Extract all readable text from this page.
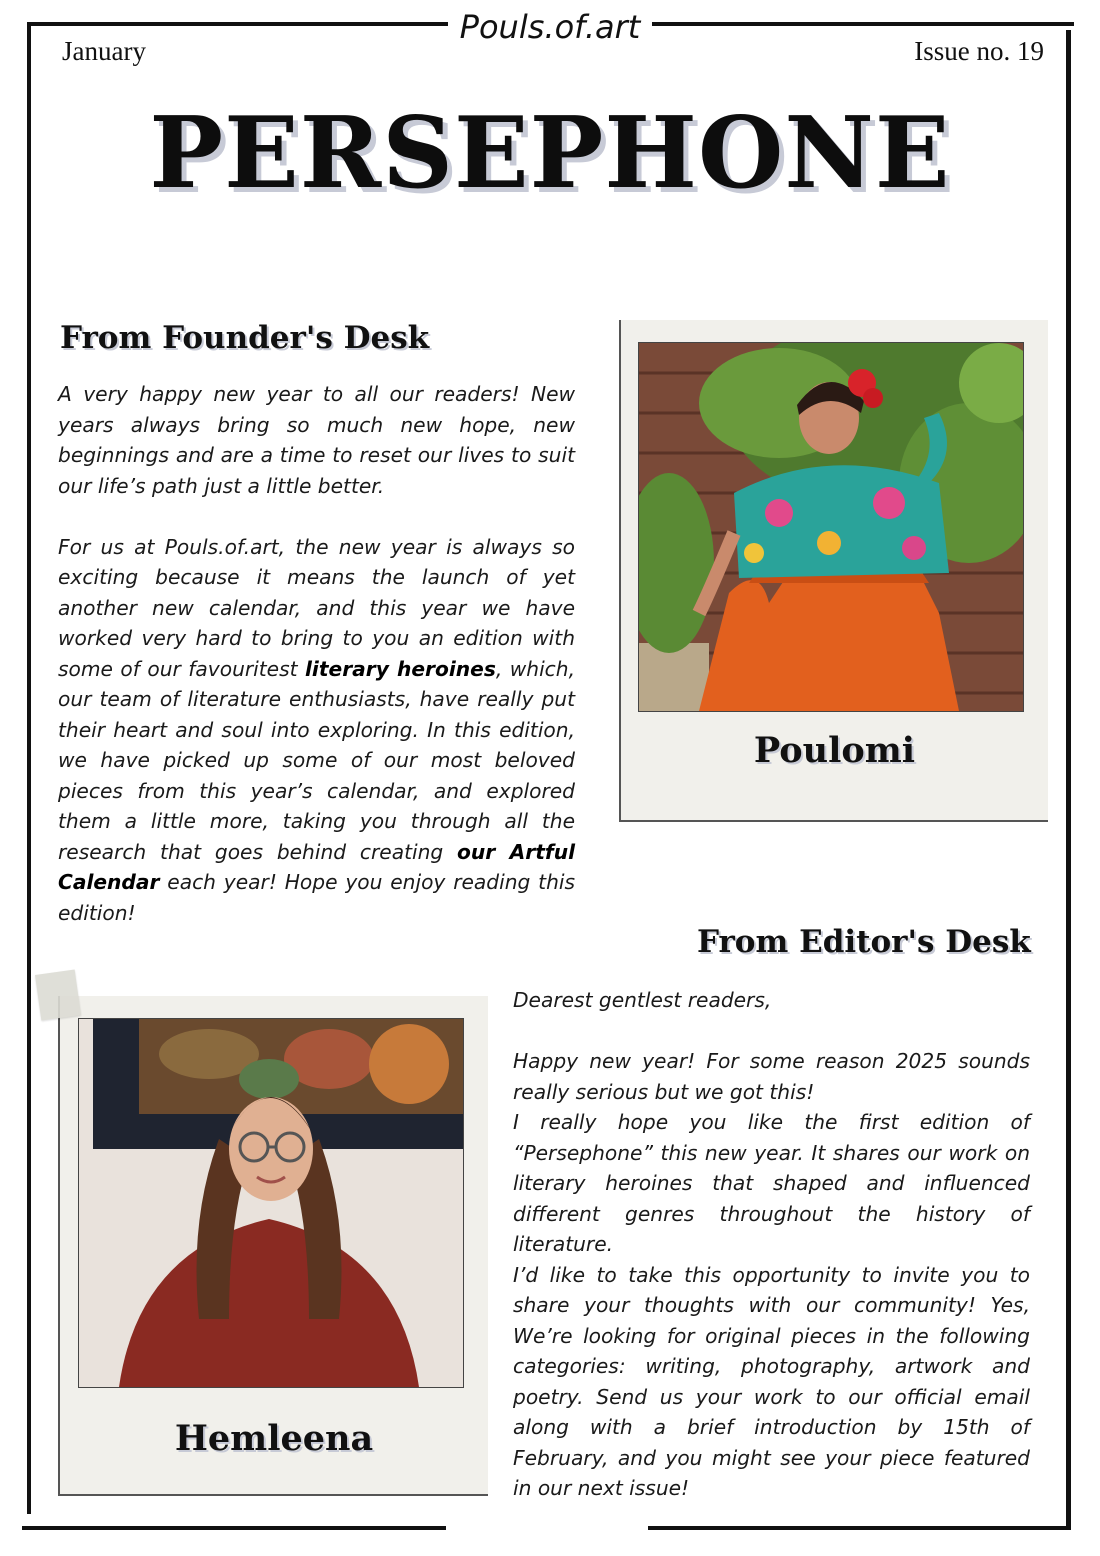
Pouls.of.art
January	Issue no. 19
PERSEPHONE
From Founder's Desk

A very happy new year to all our readers! New years always bring so much new hope, new beginnings and are a time to reset our lives to suit our life’s path just a little better.

For us at Pouls.of.art, the new year is always so exciting because it means the launch of yet another new calendar, and this year we have worked very hard to bring to you an edition with some of our favouritest literary heroines, which, our team of literature enthusiasts, have really put their heart and soul into exploring. In this edition, we have picked up some of our most beloved pieces from this year’s calendar, and explored them a little more, taking you through all the research that goes behind creating our Artful Calendar each year! Hope you enjoy reading this edition!

Poulomi
From Editor's Desk
Hemleena

Dearest gentlest readers,

Happy new year! For some reason 2025 sounds really serious but we got this!

I really hope you like the first edition of “Persephone” this new year. It shares our work on literary heroines that shaped and influenced different genres throughout the history of literature.

I’d like to take this opportunity to invite you to share your thoughts with our community! Yes, We’re looking for original pieces in the following categories: writing, photography, artwork and poetry. Send us your work to our official email along with a brief introduction by 15th of February, and you might see your piece featured in our next issue!
